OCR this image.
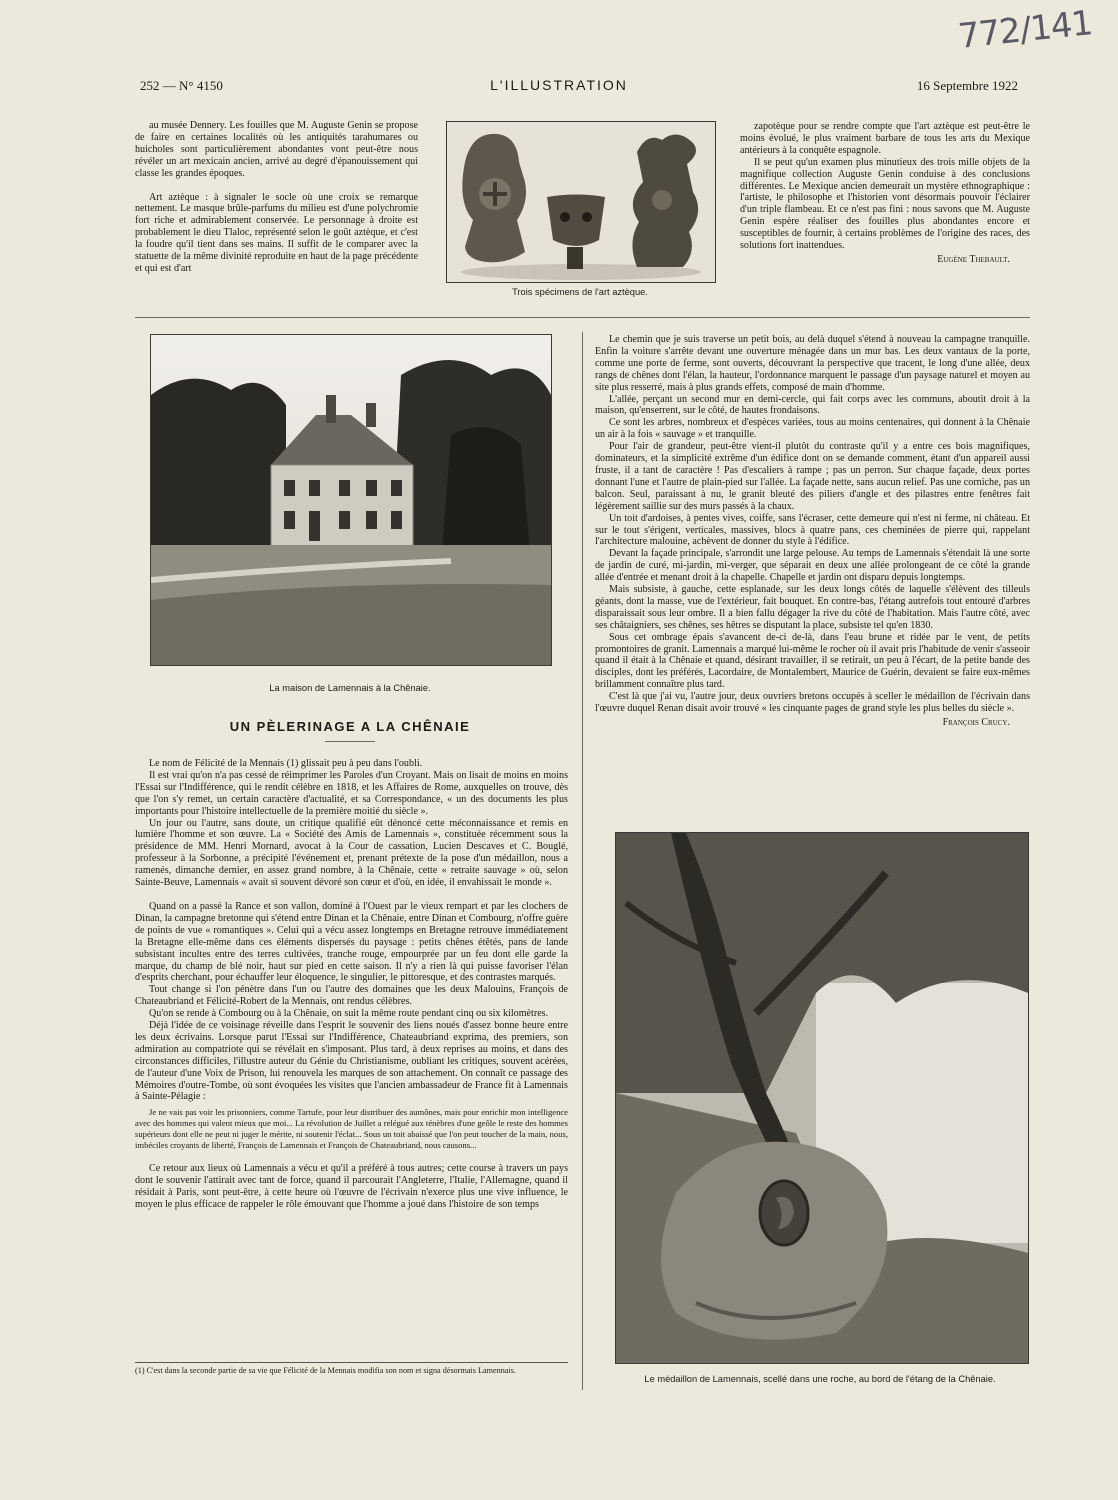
252 — N° 4150	L'ILLUSTRATION	16 Septembre 1922
772/141

au musée Dennery. Les fouilles que M. Auguste Genin se propose de faire en certaines localités où les antiquités tarahumares ou huicholes sont particulièrement abondantes vont peut-être nous révéler un art mexicain ancien, arrivé au degré d'épanouissement qui classe les grandes époques.

Art aztèque : à signaler le socle où une croix se remarque nettement. Le masque brûle-parfums du milieu est d'une polychromie fort riche et admirablement conservée. Le personnage à droite est probablement le dieu Tlaloc, représenté selon le goût aztèque, et c'est la foudre qu'il tient dans ses mains. Il suffit de le comparer avec la statuette de la même divinité reproduite en haut de la page précédente et qui est d'art

Trois spécimens de l'art aztèque.

zapotèque pour se rendre compte que l'art aztèque est peut-être le moins évolué, le plus vraiment barbare de tous les arts du Mexique antérieurs à la conquête espagnole.

Il se peut qu'un examen plus minutieux des trois mille objets de la magnifique collection Auguste Genin conduise à des conclusions différentes. Le Mexique ancien demeurait un mystère ethnographique : l'artiste, le philosophe et l'historien vont désormais pouvoir l'éclairer d'un triple flambeau. Et ce n'est pas fini : nous savons que M. Auguste Genin espère réaliser des fouilles plus abondantes encore et susceptibles de fournir, à certains problèmes de l'origine des races, des solutions fort inattendues.

Eugène Thebault.
La maison de Lamennais à la Chênaie.
UN PÈLERINAGE A LA CHÊNAIE

Le nom de Félicité de la Mennais (1) glissait peu à peu dans l'oubli.

Il est vrai qu'on n'a pas cessé de réimprimer les Paroles d'un Croyant. Mais on lisait de moins en moins l'Essai sur l'Indifférence, qui le rendit célèbre en 1818, et les Affaires de Rome, auxquelles on trouve, dès que l'on s'y remet, un certain caractère d'actualité, et sa Correspondance, « un des documents les plus importants pour l'histoire intellectuelle de la première moitié du siècle ».

Un jour ou l'autre, sans doute, un critique qualifié eût dénoncé cette méconnaissance et remis en lumière l'homme et son œuvre. La « Société des Amis de Lamennais », constituée récemment sous la présidence de MM. Henri Mornard, avocat à la Cour de cassation, Lucien Descaves et C. Bouglé, professeur à la Sorbonne, a précipité l'événement et, prenant prétexte de la pose d'un médaillon, nous a ramenés, dimanche dernier, en assez grand nombre, à la Chênaie, cette « retraite sauvage » où, selon Sainte-Beuve, Lamennais « avait si souvent dévoré son cœur et d'où, en idée, il envahissait le monde ».

Quand on a passé la Rance et son vallon, dominé à l'Ouest par le vieux rempart et par les clochers de Dinan, la campagne bretonne qui s'étend entre Dinan et la Chênaie, entre Dinan et Combourg, n'offre guère de points de vue « romantiques ». Celui qui a vécu assez longtemps en Bretagne retrouve immédiatement la Bretagne elle-même dans ces éléments dispersés du paysage : petits chênes étêtés, pans de lande subsistant incultes entre des terres cultivées, tranche rouge, empourprée par un feu dont elle garde la marque, du champ de blé noir, haut sur pied en cette saison. Il n'y a rien là qui puisse favoriser l'élan d'esprits cherchant, pour échauffer leur éloquence, le singulier, le pittoresque, et des contrastes marqués.

Tout change si l'on pénètre dans l'un ou l'autre des domaines que les deux Malouins, François de Chateaubriand et Félicité-Robert de la Mennais, ont rendus célèbres.

Qu'on se rende à Combourg ou à la Chênaie, on suit la même route pendant cinq ou six kilomètres.

Déjà l'idée de ce voisinage réveille dans l'esprit le souvenir des liens noués d'assez bonne heure entre les deux écrivains. Lorsque parut l'Essai sur l'Indifférence, Chateaubriand exprima, des premiers, son admiration au compatriote qui se révélait en s'imposant. Plus tard, à deux reprises au moins, et dans des circonstances difficiles, l'illustre auteur du Génie du Christianisme, oubliant les critiques, souvent acérées, de l'auteur d'une Voix de Prison, lui renouvela les marques de son attachement. On connaît ce passage des Mémoires d'outre-Tombe, où sont évoquées les visites que l'ancien ambassadeur de France fit à Lamennais à Sainte-Pélagie :

Je ne vais pas voir les prisonniers, comme Tartufe, pour leur distribuer des aumônes, mais pour enrichir mon intelligence avec des hommes qui valent mieux que moi... La révolution de Juillet a relégué aux ténèbres d'une geôle le reste des hommes supérieurs dont elle ne peut ni juger le mérite, ni soutenir l'éclat... Sous un toit abaissé que l'on peut toucher de la main, nous, imbéciles croyants de liberté, François de Lamennais et François de Chateaubriand, nous causons...

Ce retour aux lieux où Lamennais a vécu et qu'il a préféré à tous autres; cette course à travers un pays dont le souvenir l'attirait avec tant de force, quand il parcourait l'Angleterre, l'Italie, l'Allemagne, quand il résidait à Paris, sont peut-être, à cette heure où l'œuvre de l'écrivain n'exerce plus une vive influence, le moyen le plus efficace de rappeler le rôle émouvant que l'homme a joué dans l'histoire de son temps

(1) C'est dans la seconde partie de sa vie que Félicité de la Mennais modifia son nom et signa désormais Lamennais.

Le chemin que je suis traverse un petit bois, au delà duquel s'étend à nouveau la campagne tranquille. Enfin la voiture s'arrête devant une ouverture ménagée dans un mur bas. Les deux vantaux de la porte, comme une porte de ferme, sont ouverts, découvrant la perspective que tracent, le long d'une allée, deux rangs de chênes dont l'élan, la hauteur, l'ordonnance marquent le passage d'un paysage naturel et moyen au site plus resserré, mais à plus grands effets, composé de main d'homme.

L'allée, perçant un second mur en demi-cercle, qui fait corps avec les communs, aboutit droit à la maison, qu'enserrent, sur le côté, de hautes frondaisons.

Ce sont les arbres, nombreux et d'espèces variées, tous au moins centenaires, qui donnent à la Chênaie un air à la fois « sauvage » et tranquille.

Pour l'air de grandeur, peut-être vient-il plutôt du contraste qu'il y a entre ces bois magnifiques, dominateurs, et la simplicité extrême d'un édifice dont on se demande comment, étant d'un appareil aussi fruste, il a tant de caractère ! Pas d'escaliers à rampe ; pas un perron. Sur chaque façade, deux portes donnant l'une et l'autre de plain-pied sur l'allée. La façade nette, sans aucun relief. Pas une corniche, pas un balcon. Seul, paraissant à nu, le granit bleuté des piliers d'angle et des pilastres entre fenêtres fait légèrement saillie sur des murs passés à la chaux.

Un toit d'ardoises, à pentes vives, coiffe, sans l'écraser, cette demeure qui n'est ni ferme, ni château. Et sur le tout s'érigent, verticales, massives, blocs à quatre pans, ces cheminées de pierre qui, rappelant l'architecture malouine, achèvent de donner du style à l'édifice.

Devant la façade principale, s'arrondit une large pelouse. Au temps de Lamennais s'étendait là une sorte de jardin de curé, mi-jardin, mi-verger, que séparait en deux une allée prolongeant de ce côté la grande allée d'entrée et menant droit à la chapelle. Chapelle et jardin ont disparu depuis longtemps.

Mais subsiste, à gauche, cette esplanade, sur les deux longs côtés de laquelle s'élèvent des tilleuls géants, dont la masse, vue de l'extérieur, fait bouquet. En contre-bas, l'étang autrefois tout entouré d'arbres disparaissait sous leur ombre. Il a bien fallu dégager la rive du côté de l'habitation. Mais l'autre côté, avec ses châtaigniers, ses chênes, ses hêtres se disputant la place, subsiste tel qu'en 1830.

Sous cet ombrage épais s'avancent de-ci de-là, dans l'eau brune et ridée par le vent, de petits promontoires de granit. Lamennais a marqué lui-même le rocher où il avait pris l'habitude de venir s'asseoir quand il était à la Chênaie et quand, désirant travailler, il se retirait, un peu à l'écart, de la petite bande des disciples, dont les préférés, Lacordaire, de Montalembert, Maurice de Guérin, devaient se faire eux-mêmes brillamment connaître plus tard.

C'est là que j'ai vu, l'autre jour, deux ouvriers bretons occupés à sceller le médaillon de l'écrivain dans l'œuvre duquel Renan disait avoir trouvé « les cinquante pages de grand style les plus belles du siècle ».

François Crucy.
Le médaillon de Lamennais, scellé dans une roche, au bord de l'étang de la Chênaie.
